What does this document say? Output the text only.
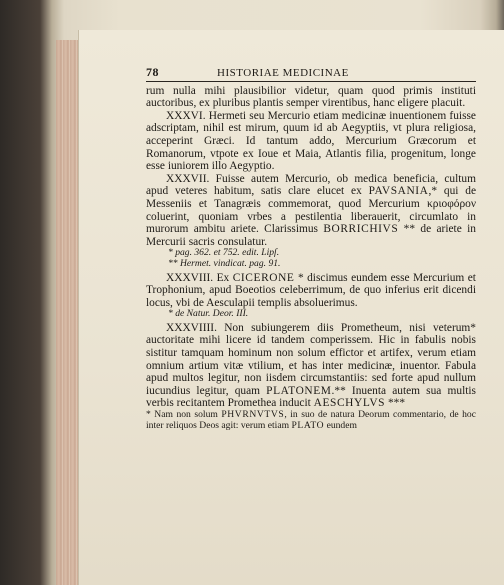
78	HISTORIAE MEDICINAE

rum nulla mihi plausibilior videtur, quam quod primis instituti auctoribus, ex pluribus plantis semper virentibus, hanc eligere placuit.

XXXVI. Hermeti seu Mercurio etiam medicinæ inuentionem fuisse adscriptam, nihil est mirum, quum id ab Aegyptiis, vt plura religiosa, acceperint Græci. Id tantum addo, Mercurium Græcorum et Romanorum, vtpote ex Ioue et Maia, Atlantis filia, progenitum, longe esse iuniorem illo Aegyptio.

XXXVII. Fuisse autem Mercurio, ob medica beneficia, cultum apud veteres habitum, satis clare elucet ex PAVSANIA,* qui de Messeniis et Tanagræis commemorat, quod Mercurium κριοφόρον coluerint, quoniam vrbes a pestilentia liberauerit, circumlato in murorum ambitu ariete. Clarissimus BORRICHIVS ** de ariete in Mercurii sacris consulatur.

* pag. 362. et 752. edit. Lipſ.

** Hermet. vindicat. pag. 91.

XXXVIII. Ex CICERONE * discimus eundem esse Mercurium et Trophonium, apud Boeotios celeberrimum, de quo inferius erit dicendi locus, vbi de Aesculapii templis absoluerimus.

* de Natur. Deor. III.

XXXVIIII. Non subiungerem diis Prometheum, nisi veterum* auctoritate mihi licere id tandem comperissem. Hic in fabulis nobis sistitur tamquam hominum non solum effictor et artifex, verum etiam omnium artium vitæ vtilium, et has inter medicinæ, inuentor. Fabula apud multos legitur, non iisdem circumstantiis: sed forte apud nullum iucundius legitur, quam PLATONEM.** Inuenta autem sua multis verbis recitantem Promethea inducit AESCHYLVS ***

* Nam non solum PHVRNVTVS, in suo de natura Deorum commentario, de hoc inter reliquos Deos agit: verum etiam PLATO eundem
